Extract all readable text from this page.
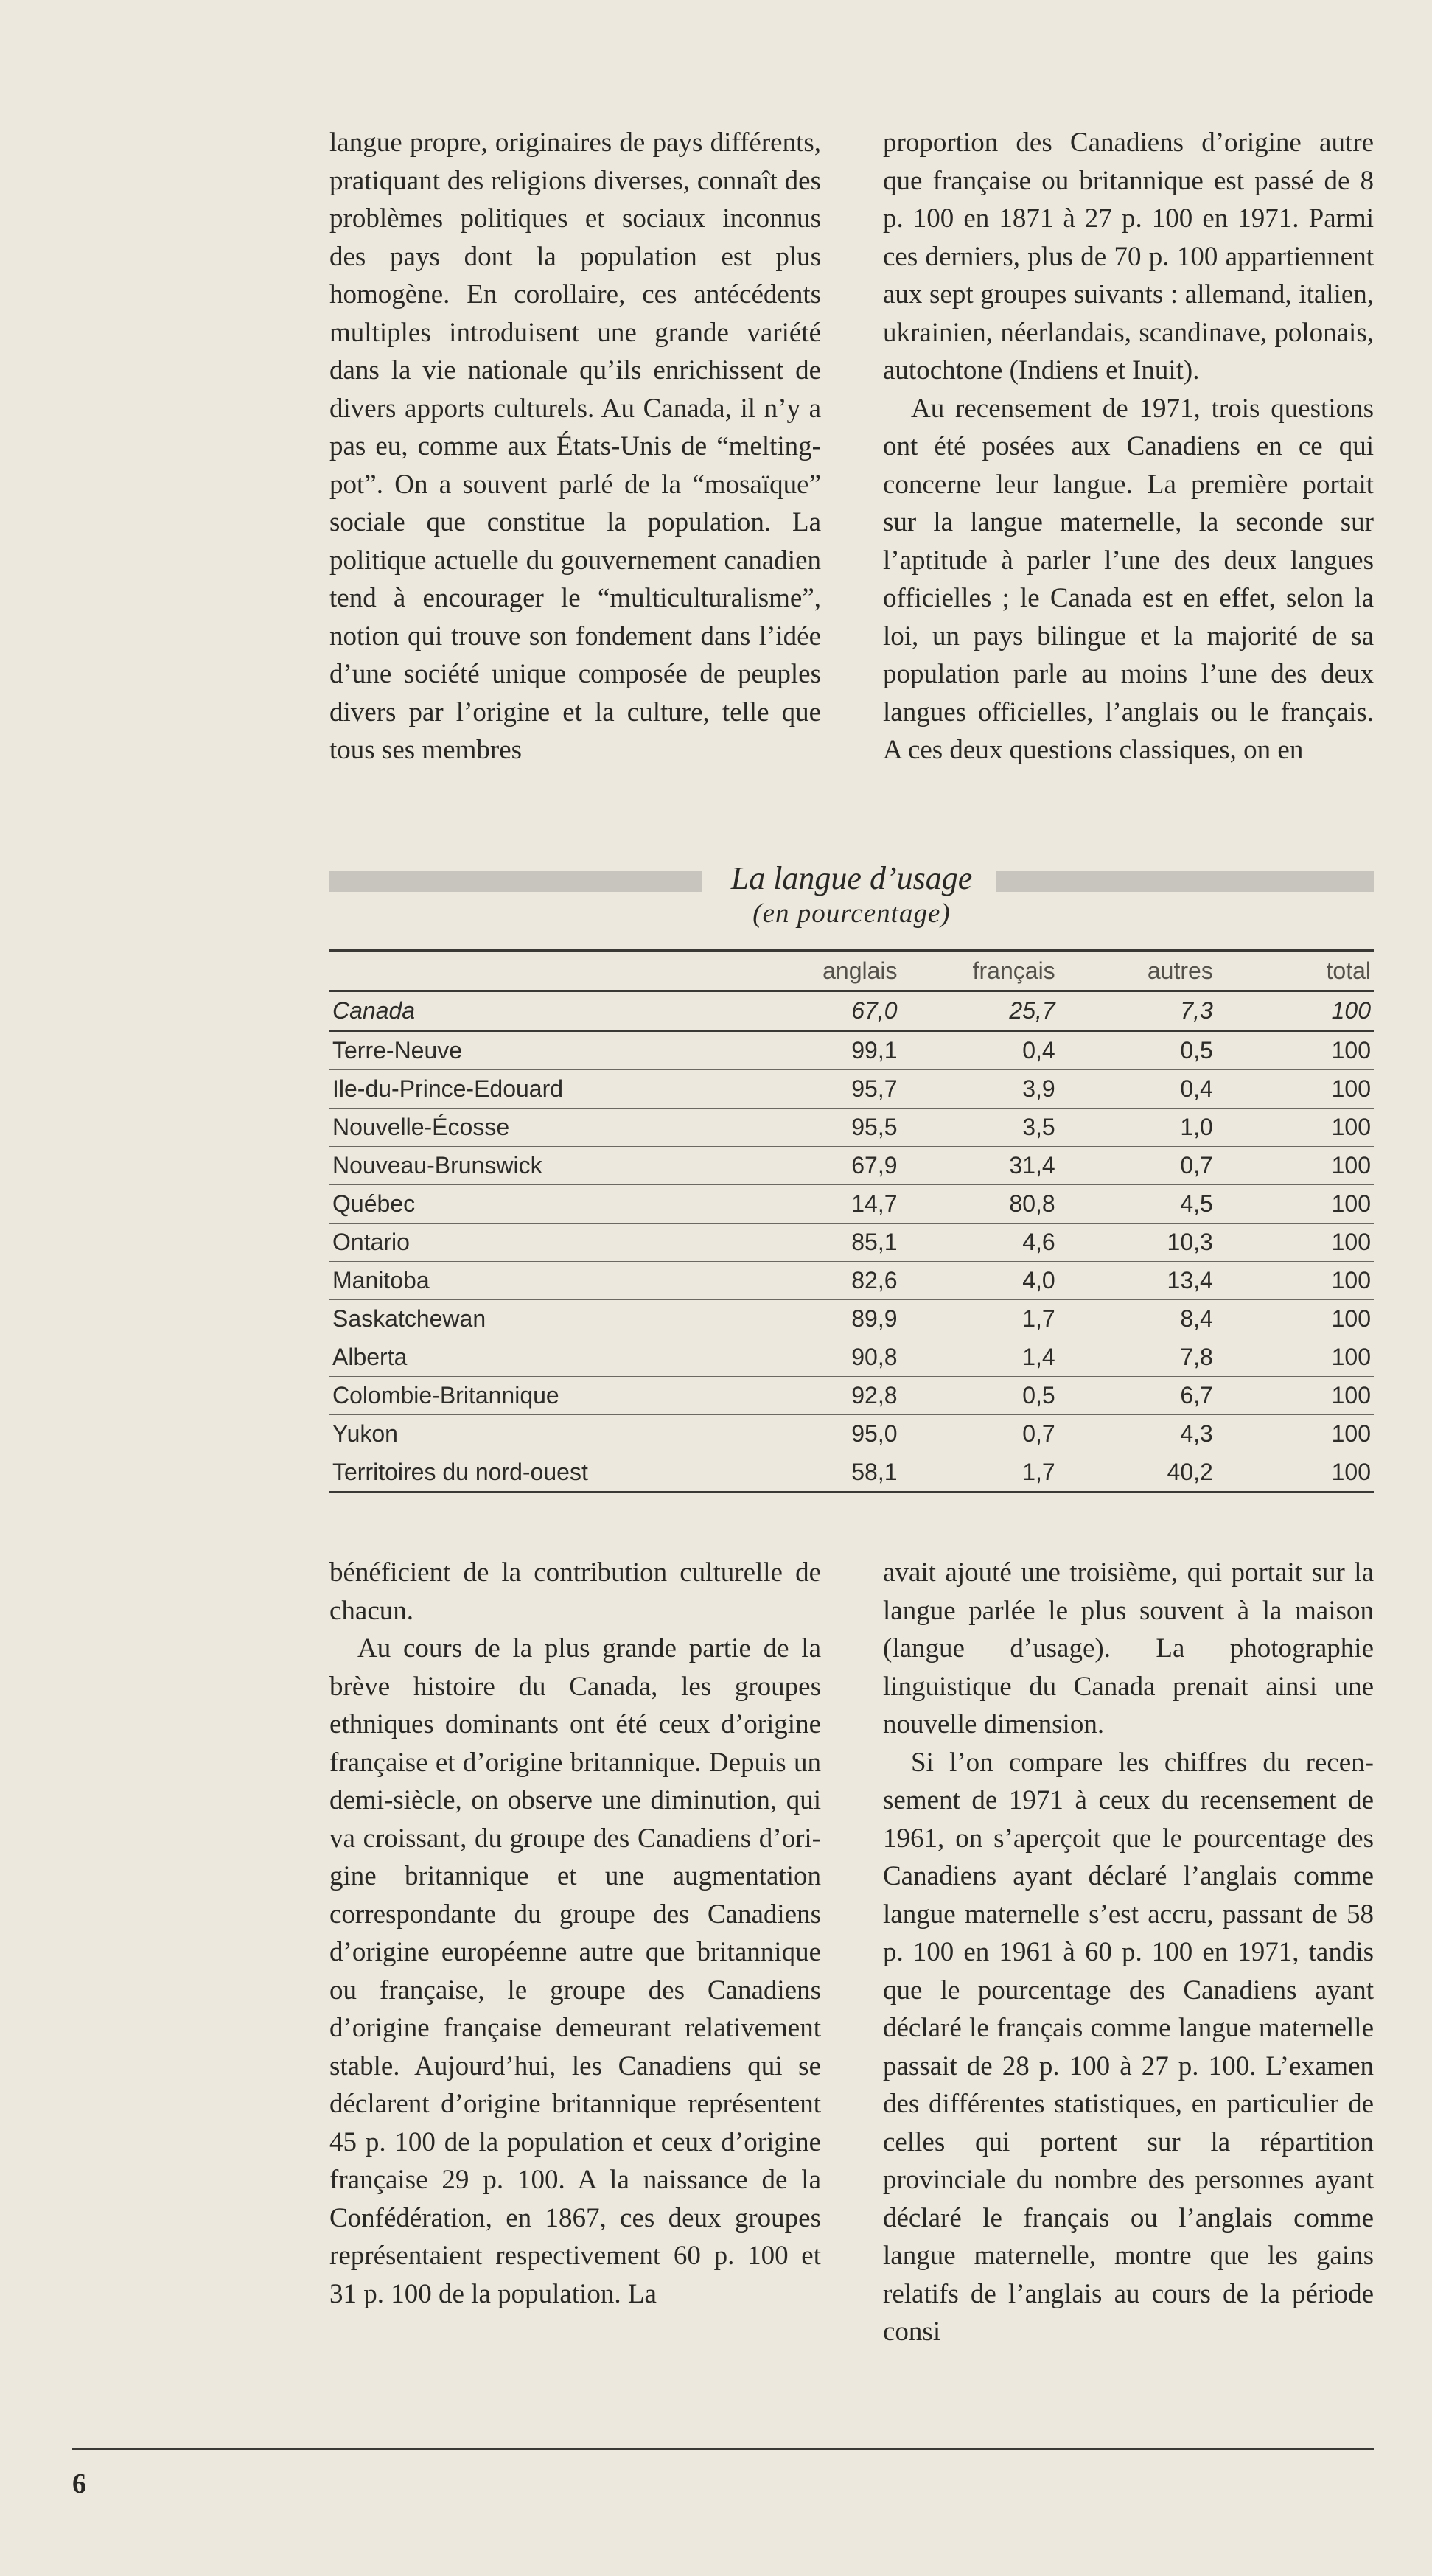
langue propre, originaires de pays différents, pratiquant des religions diverses, connaît des problèmes politiques et sociaux inconnus des pays dont la population est plus homogène. En corollaire, ces antécédents multiples introduisent une grande variété dans la vie nationale qu’ils enrichissent de divers apports culturels. Au Canada, il n’y a pas eu, comme aux États-Unis de “melting-pot”. On a souvent parlé de la “mosaïque” sociale que constitue la population. La politique actuelle du gouvernement canadien tend à encourager le “multiculturalisme”, notion qui trouve son fondement dans l’idée d’une société unique composée de peuples divers par l’origine et la culture, telle que tous ses membres

proportion des Canadiens d’origine autre que française ou britannique est passé de 8 p. 100 en 1871 à 27 p. 100 en 1971. Parmi ces derniers, plus de 70 p. 100 appartiennent aux sept groupes suivants : allemand, italien, ukrainien, néerlandais, scandinave, polonais, autochtone (Indiens et Inuit).

Au recensement de 1971, trois questions ont été posées aux Canadiens en ce qui concerne leur langue. La première portait sur la langue maternelle, la seconde sur l’aptitude à parler l’une des deux langues officielles ; le Canada est en effet, selon la loi, un pays bilingue et la majorité de sa population parle au moins l’une des deux langues officielles, l’anglais ou le français. A ces deux questions classiques, on en

La langue d’usage
(en pourcentage)
	anglais	français	autres	total
Canada	67,0	25,7	7,3	100
Terre-Neuve	99,1	0,4	0,5	100
Ile-du-Prince-Edouard	95,7	3,9	0,4	100
Nouvelle-Écosse	95,5	3,5	1,0	100
Nouveau-Brunswick	67,9	31,4	0,7	100
Québec	14,7	80,8	4,5	100
Ontario	85,1	4,6	10,3	100
Manitoba	82,6	4,0	13,4	100
Saskatchewan	89,9	1,7	8,4	100
Alberta	90,8	1,4	7,8	100
Colombie-Britannique	92,8	0,5	6,7	100
Yukon	95,0	0,7	4,3	100
Territoires du nord-ouest	58,1	1,7	40,2	100

bénéficient de la contribution culturelle de chacun.

Au cours de la plus grande partie de la brève histoire du Canada, les groupes ethniques dominants ont été ceux d’origine française et d’origine britannique. Depuis un demi-siècle, on observe une diminution, qui va croissant, du groupe des Canadiens d’origine britannique et une augmentation correspondante du groupe des Canadiens d’origine européenne autre que britannique ou française, le groupe des Canadiens d’origine française demeurant relativement stable. Aujourd’hui, les Canadiens qui se déclarent d’origine britannique représentent 45 p. 100 de la population et ceux d’origine française 29 p. 100. A la naissance de la Confédération, en 1867, ces deux groupes représentaient respectivement 60 p. 100 et 31 p. 100 de la population. La

avait ajouté une troisième, qui portait sur la langue parlée le plus souvent à la maison (langue d’usage). La photographie linguistique du Canada prenait ainsi une nouvelle dimension.

Si l’on compare les chiffres du recensement de 1971 à ceux du recensement de 1961, on s’aperçoit que le pourcentage des Canadiens ayant déclaré l’anglais comme langue maternelle s’est accru, passant de 58 p. 100 en 1961 à 60 p. 100 en 1971, tandis que le pourcentage des Canadiens ayant déclaré le français comme langue maternelle passait de 28 p. 100 à 27 p. 100. L’examen des différentes statistiques, en particulier de celles qui portent sur la répartition provinciale du nombre des personnes ayant déclaré le français ou l’anglais comme langue maternelle, montre que les gains relatifs de l’anglais au cours de la période consi

6
